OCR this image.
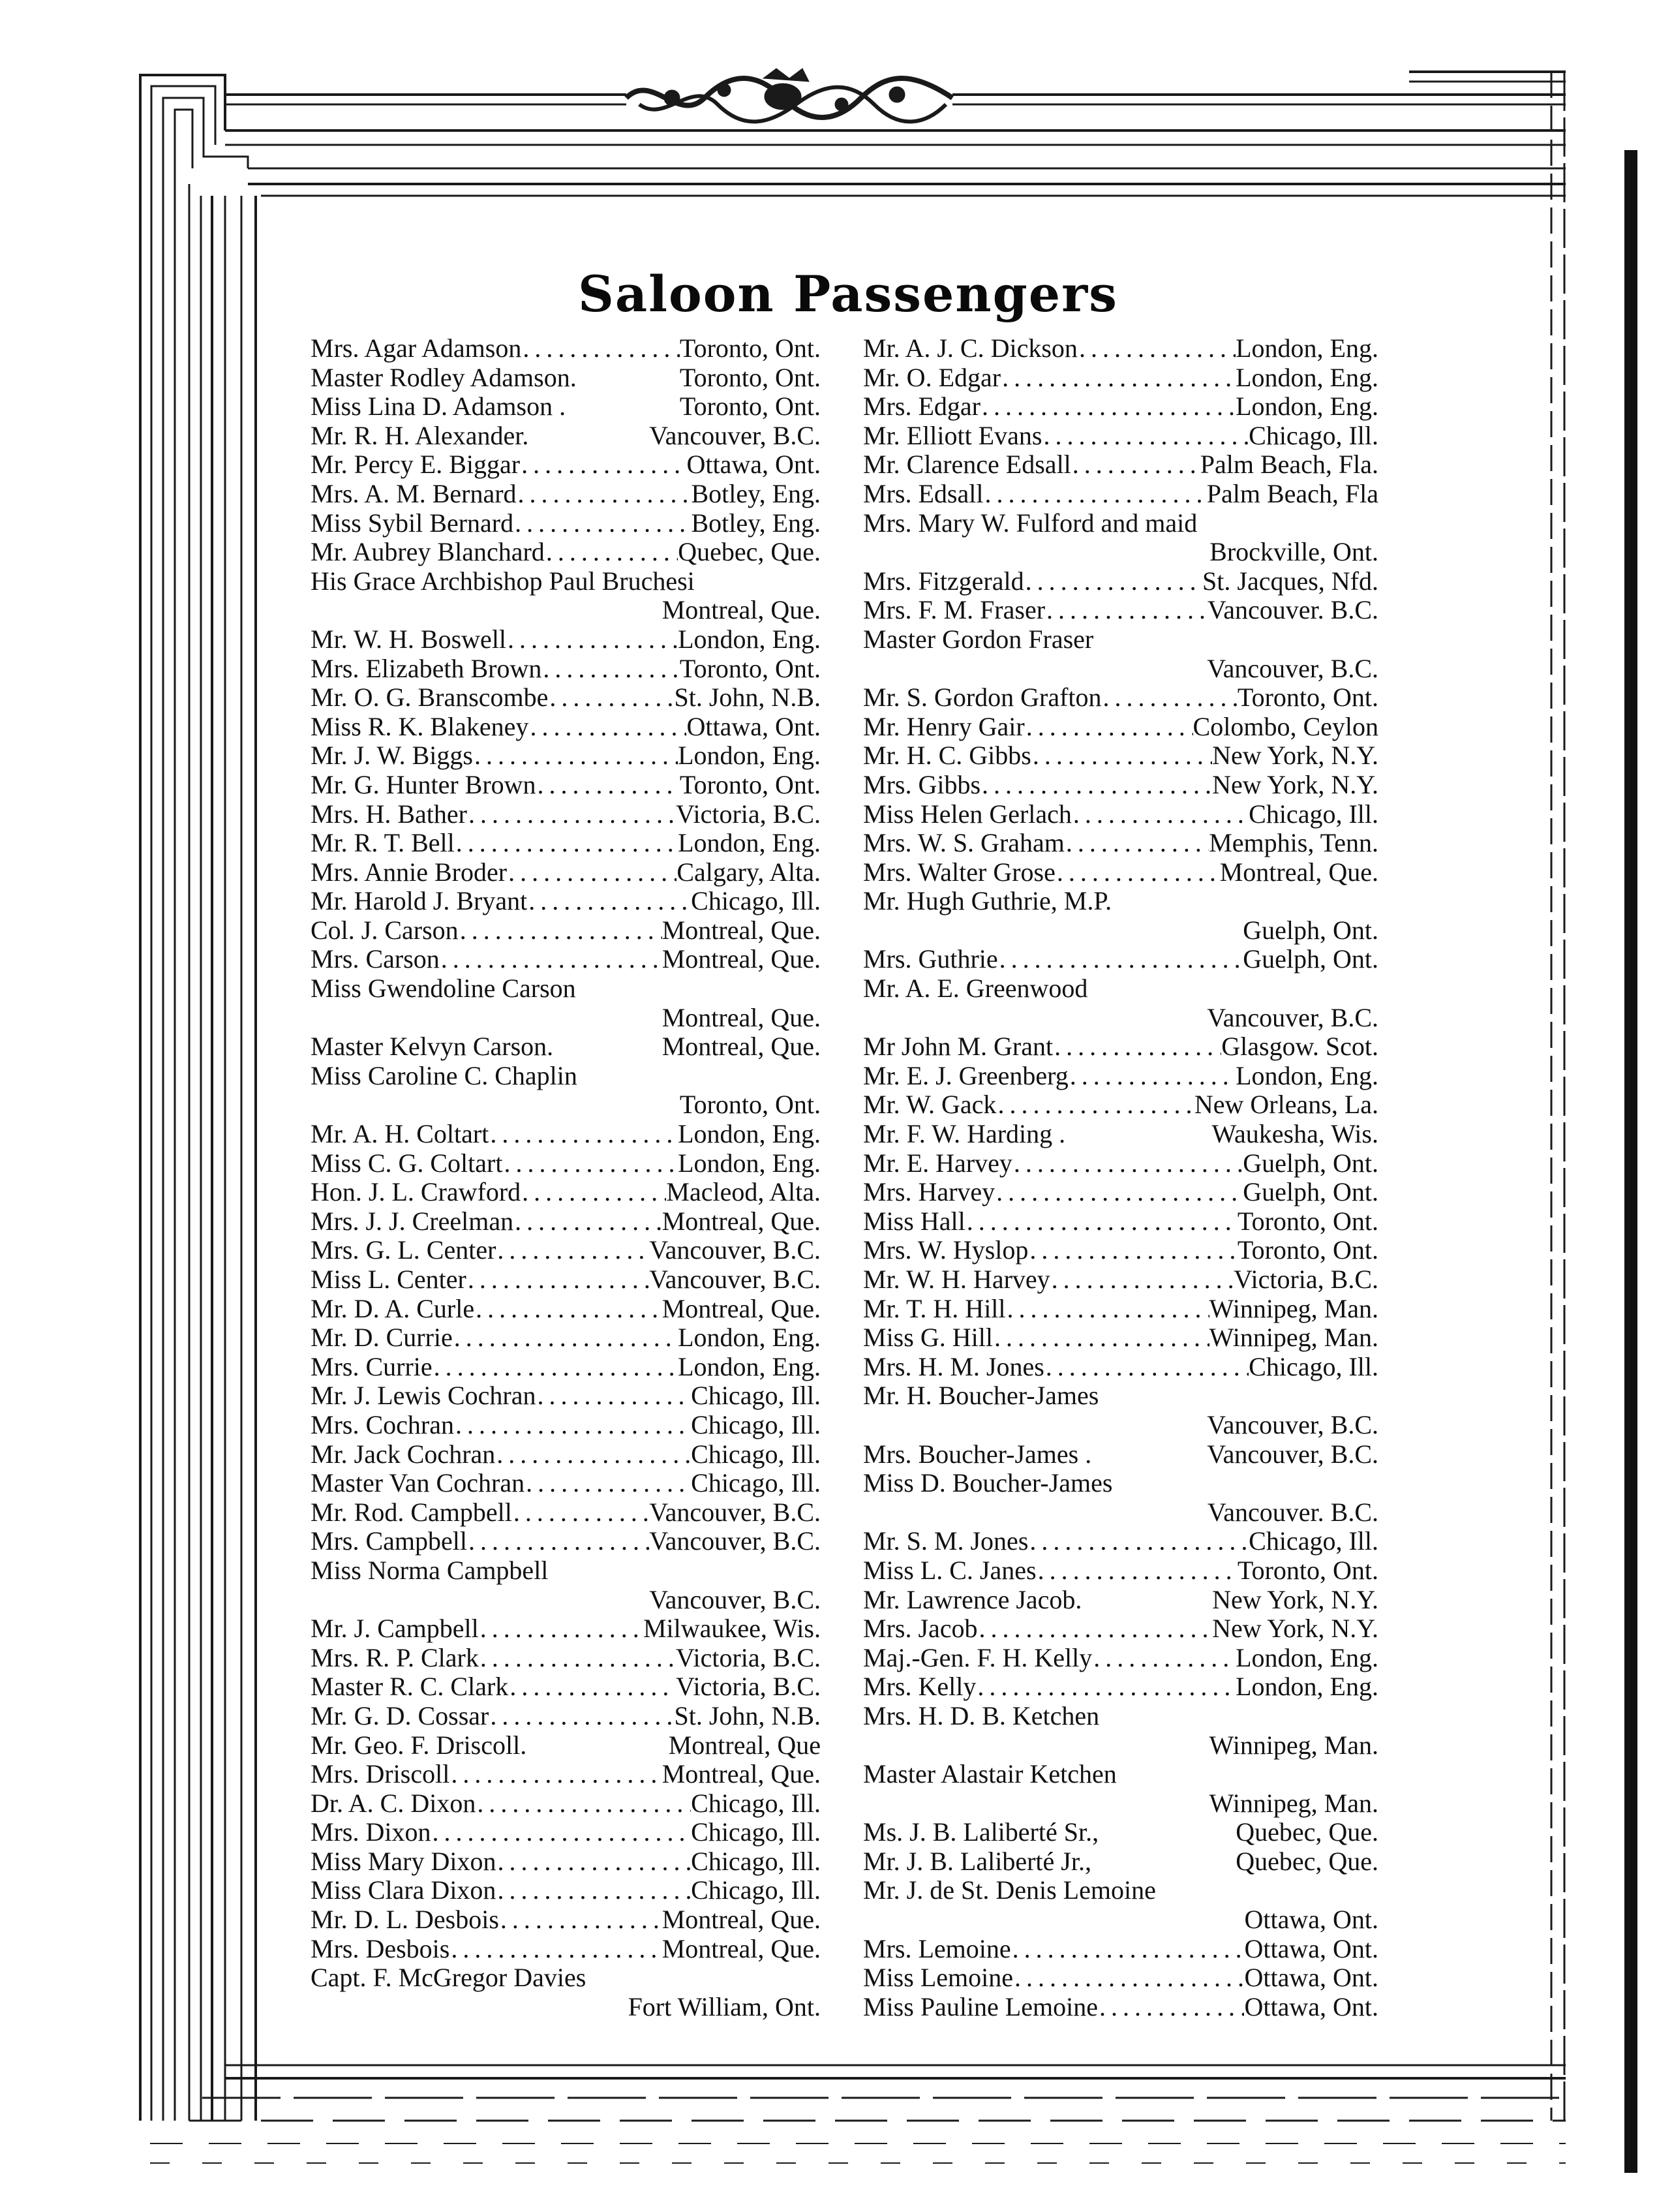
Saloon Passengers
Mrs. Agar Adamson . . .	Toronto, Ont.
Master Rodley Adamson.	Toronto, Ont.
Miss Lina D. Adamson .	Toronto, Ont.
Mr. R. H. Alexander.	Vancouver, B.C.
Mr. Percy E. Biggar . . .	Ottawa, Ont.
Mrs. A. M. Bernard . . .	Botley, Eng.
Miss Sybil Bernard . . .	Botley, Eng.
Mr. Aubrey Blanchard . . .	Quebec, Que.
His Grace Archbishop Paul Bruchesi
Montreal, Que.
Mr. W. H. Boswell . . .	London, Eng.
Mrs. Elizabeth Brown . . .	Toronto, Ont.
Mr. O. G. Branscombe . . .	St. John, N.B.
Miss R. K. Blakeney . . .	Ottawa, Ont.
Mr. J. W. Biggs . . .	London, Eng.
Mr. G. Hunter Brown . . .	Toronto, Ont.
Mrs. H. Bather . . .	Victoria, B.C.
Mr. R. T. Bell . . .	London, Eng.
Mrs. Annie Broder . . .	Calgary, Alta.
Mr. Harold J. Bryant . . .	Chicago, Ill.
Col. J. Carson . . .	Montreal, Que.
Mrs. Carson . . .	Montreal, Que.
Miss Gwendoline Carson
Montreal, Que.
Master Kelvyn Carson.	Montreal, Que.
Miss Caroline C. Chaplin
Toronto, Ont.
Mr. A. H. Coltart . . .	London, Eng.
Miss C. G. Coltart . . .	London, Eng.
Hon. J. L. Crawford . . .	Macleod, Alta.
Mrs. J. J. Creelman . . .	Montreal, Que.
Mrs. G. L. Center . . .	Vancouver, B.C.
Miss L. Center . . .	Vancouver, B.C.
Mr. D. A. Curle . . .	Montreal, Que.
Mr. D. Currie . . .	London, Eng.
Mrs. Currie . . .	London, Eng.
Mr. J. Lewis Cochran . . .	Chicago, Ill.
Mrs. Cochran . . .	Chicago, Ill.
Mr. Jack Cochran . . .	Chicago, Ill.
Master Van Cochran . . .	Chicago, Ill.
Mr. Rod. Campbell . . .	Vancouver, B.C.
Mrs. Campbell . . .	Vancouver, B.C.
Miss Norma Campbell
Vancouver, B.C.
Mr. J. Campbell . . .	Milwaukee, Wis.
Mrs. R. P. Clark . . .	Victoria, B.C.
Master R. C. Clark . . .	Victoria, B.C.
Mr. G. D. Cossar . . .	St. John, N.B.
Mr. Geo. F. Driscoll.	Montreal, Que
Mrs. Driscoll . . .	Montreal, Que.
Dr. A. C. Dixon . . .	Chicago, Ill.
Mrs. Dixon . . .	Chicago, Ill.
Miss Mary Dixon . . .	Chicago, Ill.
Miss Clara Dixon . . .	Chicago, Ill.
Mr. D. L. Desbois . . .	Montreal, Que.
Mrs. Desbois . . .	Montreal, Que.
Capt. F. McGregor Davies
Fort William, Ont.
Mr. A. J. C. Dickson . . .	London, Eng.
Mr. O. Edgar . . .	London, Eng.
Mrs. Edgar . . .	London, Eng.
Mr. Elliott Evans . . .	Chicago, Ill.
Mr. Clarence Edsall . . .	Palm Beach, Fla.
Mrs. Edsall . . .	Palm Beach, Fla
Mrs. Mary W. Fulford and maid
Brockville, Ont.
Mrs. Fitzgerald . . .	St. Jacques, Nfd.
Mrs. F. M. Fraser . . .	Vancouver. B.C.
Master Gordon Fraser
Vancouver, B.C.
Mr. S. Gordon Grafton . . .	Toronto, Ont.
Mr. Henry Gair . . .	Colombo, Ceylon
Mr. H. C. Gibbs . . .	New York, N.Y.
Mrs. Gibbs . . .	New York, N.Y.
Miss Helen Gerlach . . .	Chicago, Ill.
Mrs. W. S. Graham . . .	Memphis, Tenn.
Mrs. Walter Grose . . .	Montreal, Que.
Mr. Hugh Guthrie, M.P.
Guelph, Ont.
Mrs. Guthrie . . .	Guelph, Ont.
Mr. A. E. Greenwood
Vancouver, B.C.
Mr John M. Grant . . .	Glasgow. Scot.
Mr. E. J. Greenberg . . .	London, Eng.
Mr. W. Gack . . .	New Orleans, La.
Mr. F. W. Harding .	Waukesha, Wis.
Mr. E. Harvey . . .	Guelph, Ont.
Mrs. Harvey . . .	Guelph, Ont.
Miss Hall . . .	Toronto, Ont.
Mrs. W. Hyslop . . .	Toronto, Ont.
Mr. W. H. Harvey . . .	Victoria, B.C.
Mr. T. H. Hill . . .	Winnipeg, Man.
Miss G. Hill . . .	Winnipeg, Man.
Mrs. H. M. Jones . . .	Chicago, Ill.
Mr. H. Boucher-James
Vancouver, B.C.
Mrs. Boucher-James .	Vancouver, B.C.
Miss D. Boucher-James
Vancouver. B.C.
Mr. S. M. Jones . . .	Chicago, Ill.
Miss L. C. Janes . . .	Toronto, Ont.
Mr. Lawrence Jacob.	New York, N.Y.
Mrs. Jacob . . .	New York, N.Y.
Maj.-Gen. F. H. Kelly . . .	London, Eng.
Mrs. Kelly . . .	London, Eng.
Mrs. H. D. B. Ketchen
Winnipeg, Man.
Master Alastair Ketchen
Winnipeg, Man.
Ms. J. B. Laliberté Sr.,	Quebec, Que.
Mr. J. B. Laliberté Jr.,	Quebec, Que.
Mr. J. de St. Denis Lemoine
Ottawa, Ont.
Mrs. Lemoine . . .	Ottawa, Ont.
Miss Lemoine . . .	Ottawa, Ont.
Miss Pauline Lemoine . . .	Ottawa, Ont.
